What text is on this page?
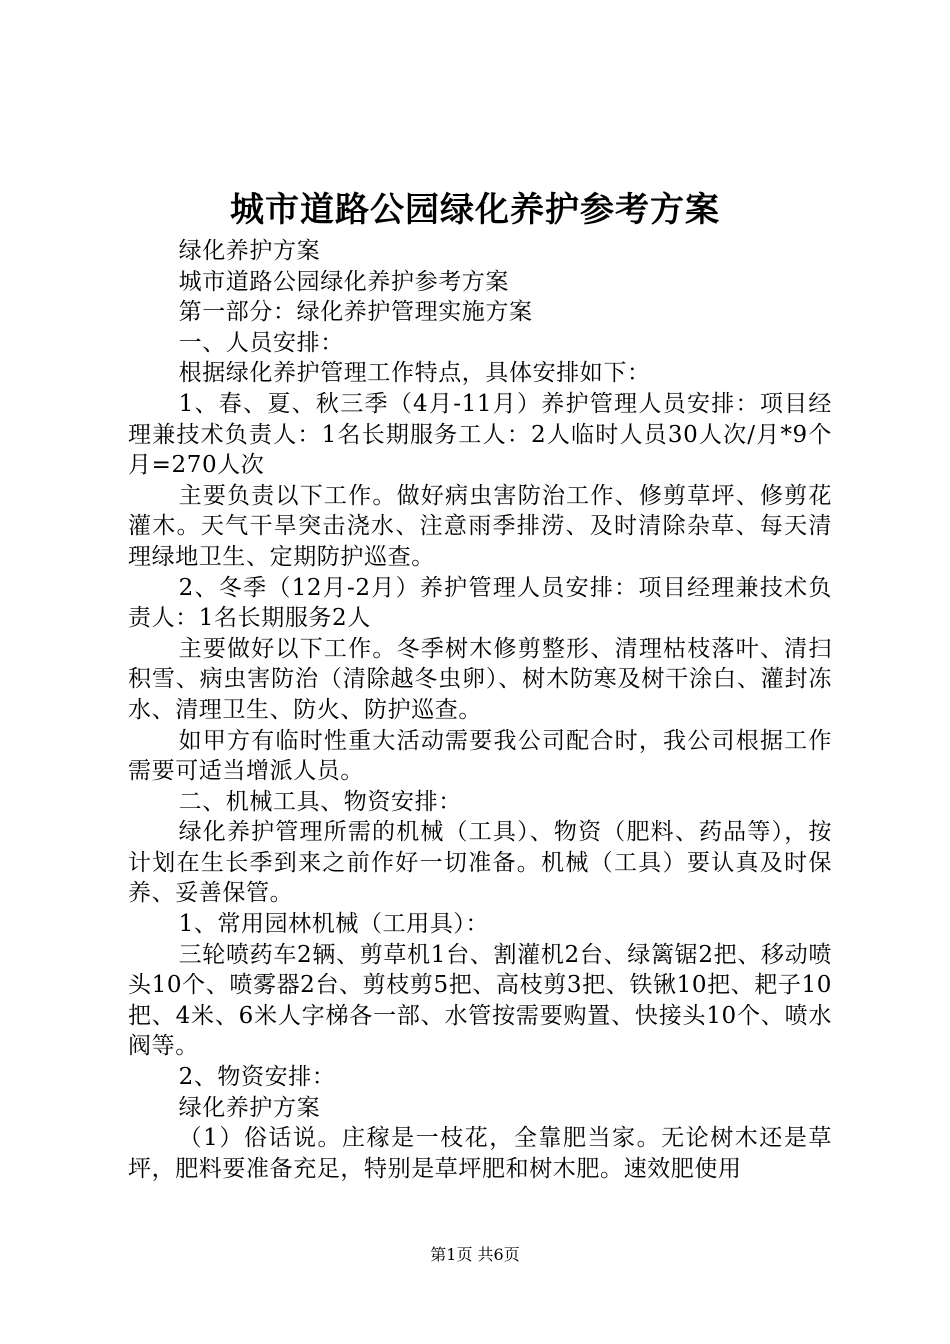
城市道路公园绿化养护参考方案

绿化养护方案

城市道路公园绿化养护参考方案

第一部分：绿化养护管理实施方案

一、人员安排：

根据绿化养护管理工作特点，具体安排如下：

1、春、夏、秋三季（4月-11月）养护管理人员安排：项目经理兼技术负责人：1名长期服务工人：2人临时人员30人次/月*9个月=270人次

主要负责以下工作。做好病虫害防治工作、修剪草坪、修剪花灌木。天气干旱突击浇水、注意雨季排涝、及时清除杂草、每天清理绿地卫生、定期防护巡查。

2、冬季（12月-2月）养护管理人员安排：项目经理兼技术负责人：1名长期服务2人

主要做好以下工作。冬季树木修剪整形、清理枯枝落叶、清扫积雪、病虫害防治（清除越冬虫卵）、树木防寒及树干涂白、灌封冻水、清理卫生、防火、防护巡查。

如甲方有临时性重大活动需要我公司配合时，我公司根据工作需要可适当增派人员。

二、机械工具、物资安排：

绿化养护管理所需的机械（工具）、物资（肥料、药品等），按计划在生长季到来之前作好一切准备。机械（工具）要认真及时保养、妥善保管。

1、常用园林机械（工用具）：

三轮喷药车2辆、剪草机1台、割灌机2台、绿篱锯2把、移动喷头10个、喷雾器2台、剪枝剪5把、高枝剪3把、铁锹10把、耙子10把、4米、6米人字梯各一部、水管按需要购置、快接头10个、喷水阀等。

2、物资安排：

绿化养护方案

（1）俗话说。庄稼是一枝花，全靠肥当家。无论树木还是草坪，肥料要准备充足，特别是草坪肥和树木肥。速效肥使用

第1页 共6页
